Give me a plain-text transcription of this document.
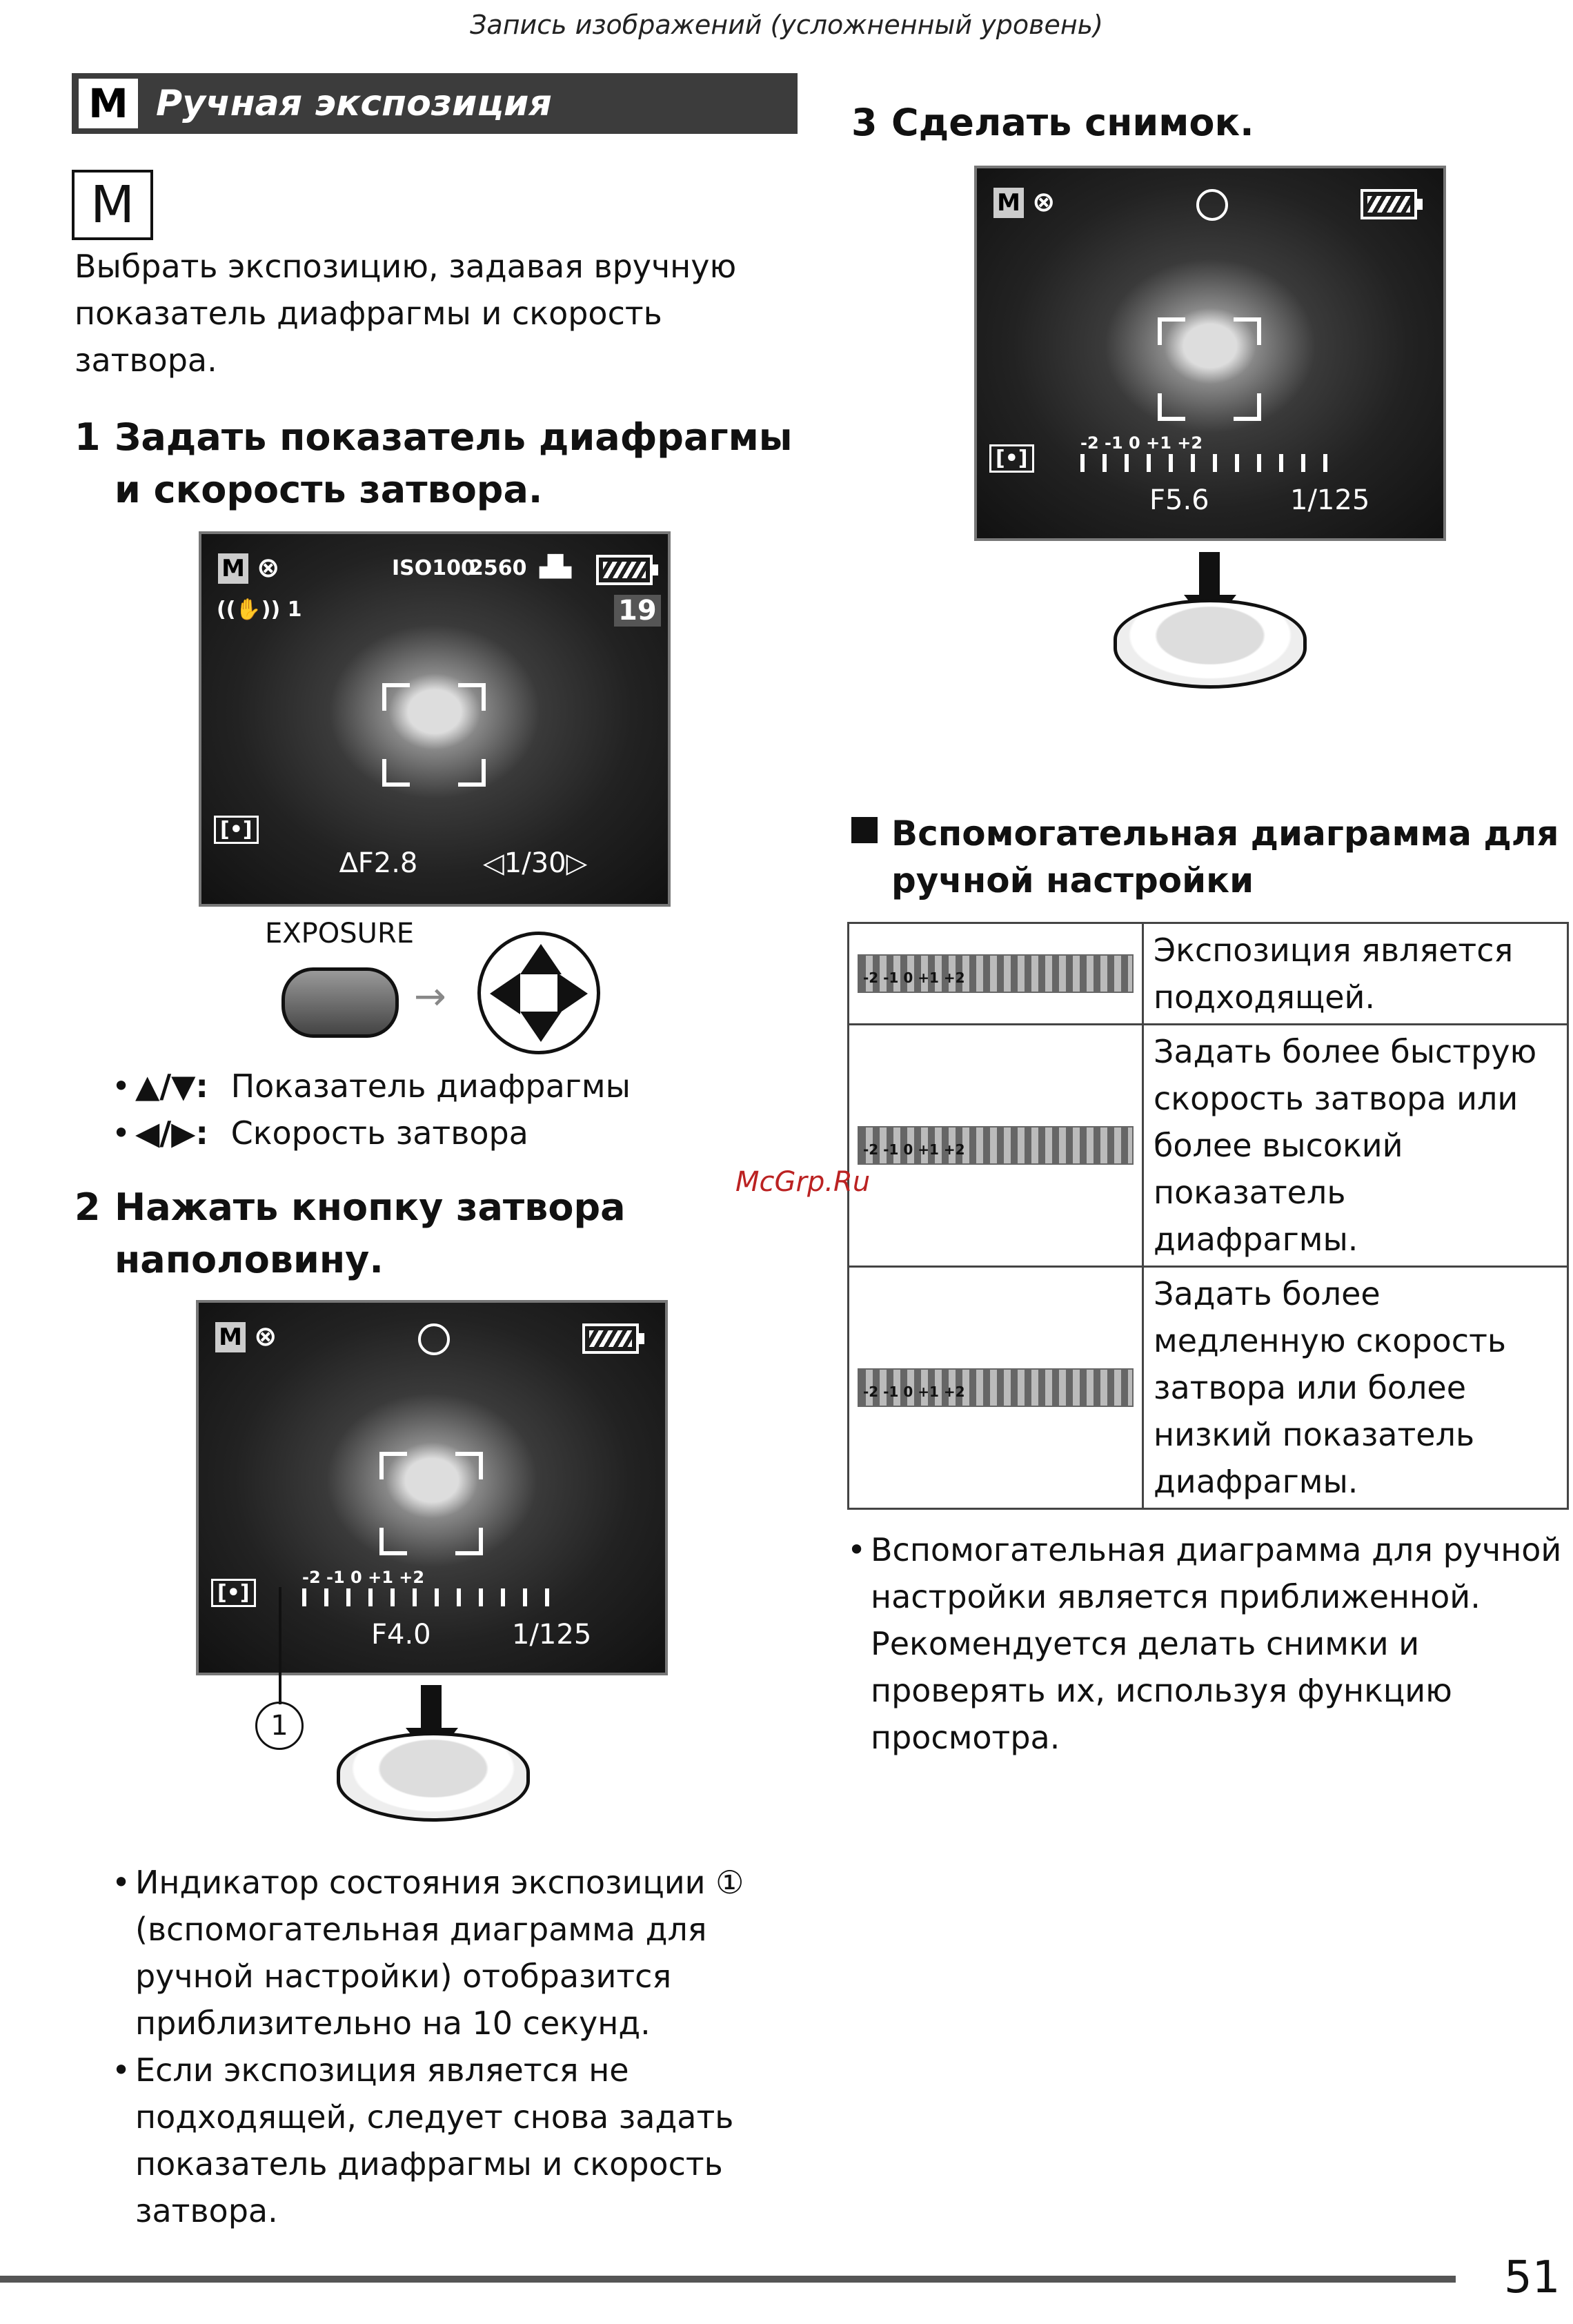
Запись изображений (усложненный уровень)
M Ручная экспозиция
M
Выбрать экспозицию, задавая вручную показатель диафрагмы и скорость затвора.
1 Задать показатель диафрагмы и скорость затвора.
M ⊗	ISO100
2560 ▟▙
((✋)) 1	19
[•]
∆F2.8 ◁1/30▷
EXPOSURE
→
• ▲/▼: Показатель диафрагмы
• ◀/▶: Скорость затвора
2 Нажать кнопку затвора наполовину.
M ⊗
[•]
-2 -1 0 +1 +2
F4.0	1/125
1
• Индикатор состояния экспозиции ① (вспомогательная диаграмма для ручной настройки) отобразится приблизительно на 10 секунд.
• Если экспозиция является не подходящей, следует снова задать показатель диафрагмы и скорость затвора.
3 Сделать снимок.
M ⊗
[•]
-2 -1 0 +1 +2
F5.6	1/125
Вспомогательная диаграмма для ручной настройки
-2 -1 0 +1 +2	Экспозиция является подходящей.

-2 -1 0 +1 +2	Задать более быструю скорость затвора или более высокий показатель диафрагмы.

-2 -1 0 +1 +2	Задать более медленную скорость затвора или более низкий показатель диафрагмы.
• Вспомогательная диаграмма для ручной настройки является приближенной. Рекомендуется делать снимки и проверять их, используя функцию просмотра.
McGrp.Ru
51
